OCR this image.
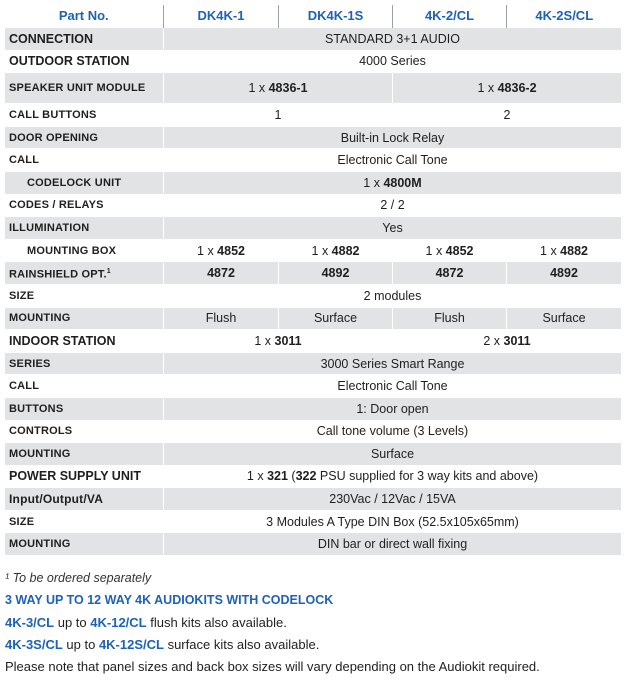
Part No.	DK4K-1	DK4K-1S	4K-2/CL	4K-2S/CL
CONNECTION	STANDARD 3+1 AUDIO			
OUTDOOR STATION	4000 Series			
SPEAKER UNIT MODULE	1 x 4836-1		1 x 4836-2	
CALL BUTTONS	1		2	
DOOR OPENING	Built-in Lock Relay			
CALL	Electronic Call Tone			
CODELOCK UNIT	1 x 4800M			
CODES / RELAYS	2 / 2			
ILLUMINATION	Yes			
MOUNTING BOX	1 x 4852	1 x 4882	1 x 4852	1 x 4882
RAINSHIELD OPT.$^1$	4872	4892	4872	4892
SIZE	2 modules			
MOUNTING	Flush	Surface	Flush	Surface
INDOOR STATION	1 x 3011		2 x 3011	
SERIES	3000 Series Smart Range			
CALL	Electronic Call Tone			
BUTTONS	1: Door open			
CONTROLS	Call tone volume (3 Levels)			
MOUNTING	Surface			
POWER SUPPLY UNIT	1 x 321 (322 PSU supplied for 3 way kits and above)			
Input/Output/VA	230Vac / 12Vac / 15VA			
SIZE	3 Modules A Type DIN Box (52.5x105x65mm)			
MOUNTING	DIN bar or direct wall fixing			
¹ To be ordered separately
3 WAY UP TO 12 WAY 4K AUDIOKITS WITH CODELOCK
4K-3/CL up to 4K-12/CL flush kits also available.
4K-3S/CL up to 4K-12S/CL surface kits also available.
Please note that panel sizes and back box sizes will vary depending on the Audiokit required.
